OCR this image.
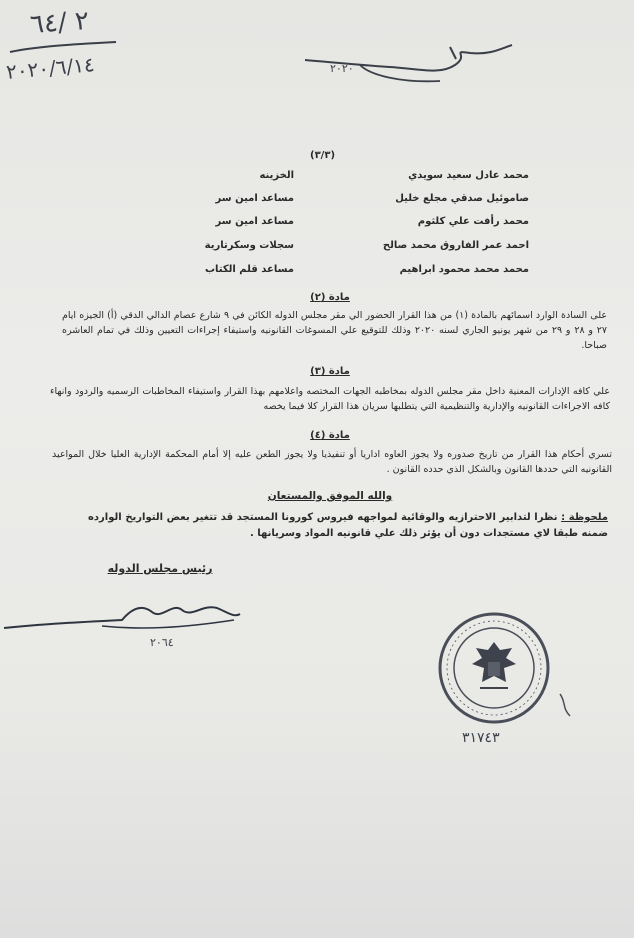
٢ /٦٤
٢٠٢٠/٦/١٤	٢٠٢٠
(٣/٣)
محمد عادل سعيد سويدي
صاموئيل صدقي مجلع خليل
محمد رأفت علي كلثوم
احمد عمر الفاروق محمد صالح
محمد محمد محمود ابراهيم
الخزينه
مساعد امين سر
مساعد امين سر
سجلات وسكرتارية
مساعد قلم الكتاب
مادة (٢)
على السادة الوارد اسمائهم بالمادة (١) من هذا القرار الحضور الي مقر مجلس الدوله الكائن في ٩ شارع عصام الدالي الدقي (أ) الجيزه ايام ٢٧ و ٢٨ و ٢٩ من شهر يونيو الجاري لسنه ٢٠٢٠ وذلك للتوقيع علي المسوغات القانونيه واستيفاء إجراءات التعيين وذلك في تمام العاشره صباحا.
مادة (٣)
علي كافه الإدارات المعنية داخل مقر مجلس الدوله بمخاطبه الجهات المختصه واعلامهم بهذا القرار واستيفاء المخاطبات الرسميه والردود وانهاء كافه الاجراءات القانونيه والإدارية والتنظيمية التي يتطلبها سريان هذا القرار كلا فيما يخصه
مادة (٤)
تسري أحكام هذا القرار من تاريخ صدوره ولا يجوز العاوه اداريا أو تنفيذيا ولا يجوز الطعن عليه إلا أمام المحكمة الإدارية العليا خلال المواعيد القانونيه التي حددها القانون وبالشكل الذي حدده القانون .
والله الموفق والمستعان
ملحوظة : نظرا لتدابير الاحترازيه والوقائية لمواجهه فيروس كورونا المستجد قد تتغير بعض التواريخ الوارده ضمنه طبقا لاي مستجدات دون أن يؤثر ذلك علي قانونيه المواد وسريانها .
رئيس مجلس الدوله
٢٠٦٤
٣١٧٤٣
